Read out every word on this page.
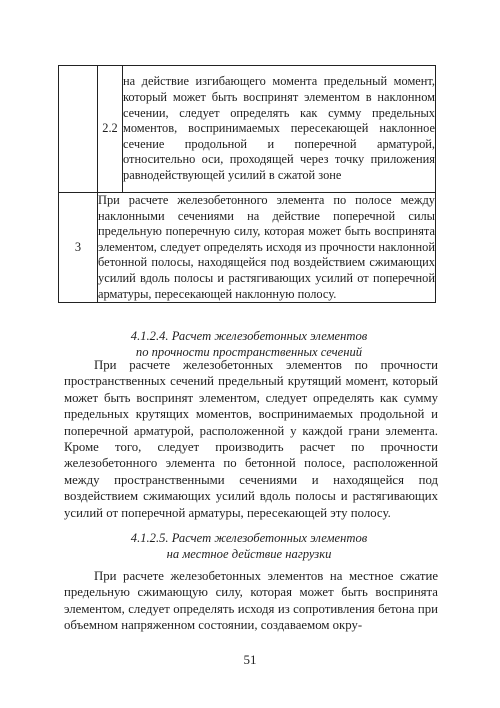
	2.2	на действие изгибающего момента предельный момент, который может быть воспринят элементом в наклонном сечении, следует определять как сумму предельных моментов, воспринимаемых пересекающей наклонное сечение продольной и поперечной арматурой, относительно оси, проходящей через точку приложения равнодействующей усилий в сжатой зоне
3	При расчете железобетонного элемента по полосе между наклонными сечениями на действие поперечной силы предельную поперечную силу, которая может быть воспринята элементом, следует определять исходя из прочности наклонной бетонной полосы, находящейся под воздействием сжимающих усилий вдоль полосы и растягивающих усилий от поперечной арматуры, пересекающей наклонную полосу.	
4.1.2.4. Расчет железобетонных элементов
по прочности пространственных сечений

При расчете железобетонных элементов по прочности пространственных сечений предельный крутящий момент, который может быть воспринят элементом, следует определять как сумму предельных крутящих моментов, воспринимаемых продольной и поперечной арматурой, расположенной у каждой грани элемента. Кроме того, следует производить расчет по прочности железобетонного элемента по бетонной полосе, расположенной между пространственными сечениями и находящейся под воздействием сжимающих усилий вдоль полосы и растягивающих усилий от поперечной арматуры, пересекающей эту полосу.

4.1.2.5. Расчет железобетонных элементов
на местное действие нагрузки

При расчете железобетонных элементов на местное сжатие предельную сжимающую силу, которая может быть воспринята элементом, следует определять исходя из сопротивления бетона при объемном напряженном состоянии, создаваемом окру-

51
